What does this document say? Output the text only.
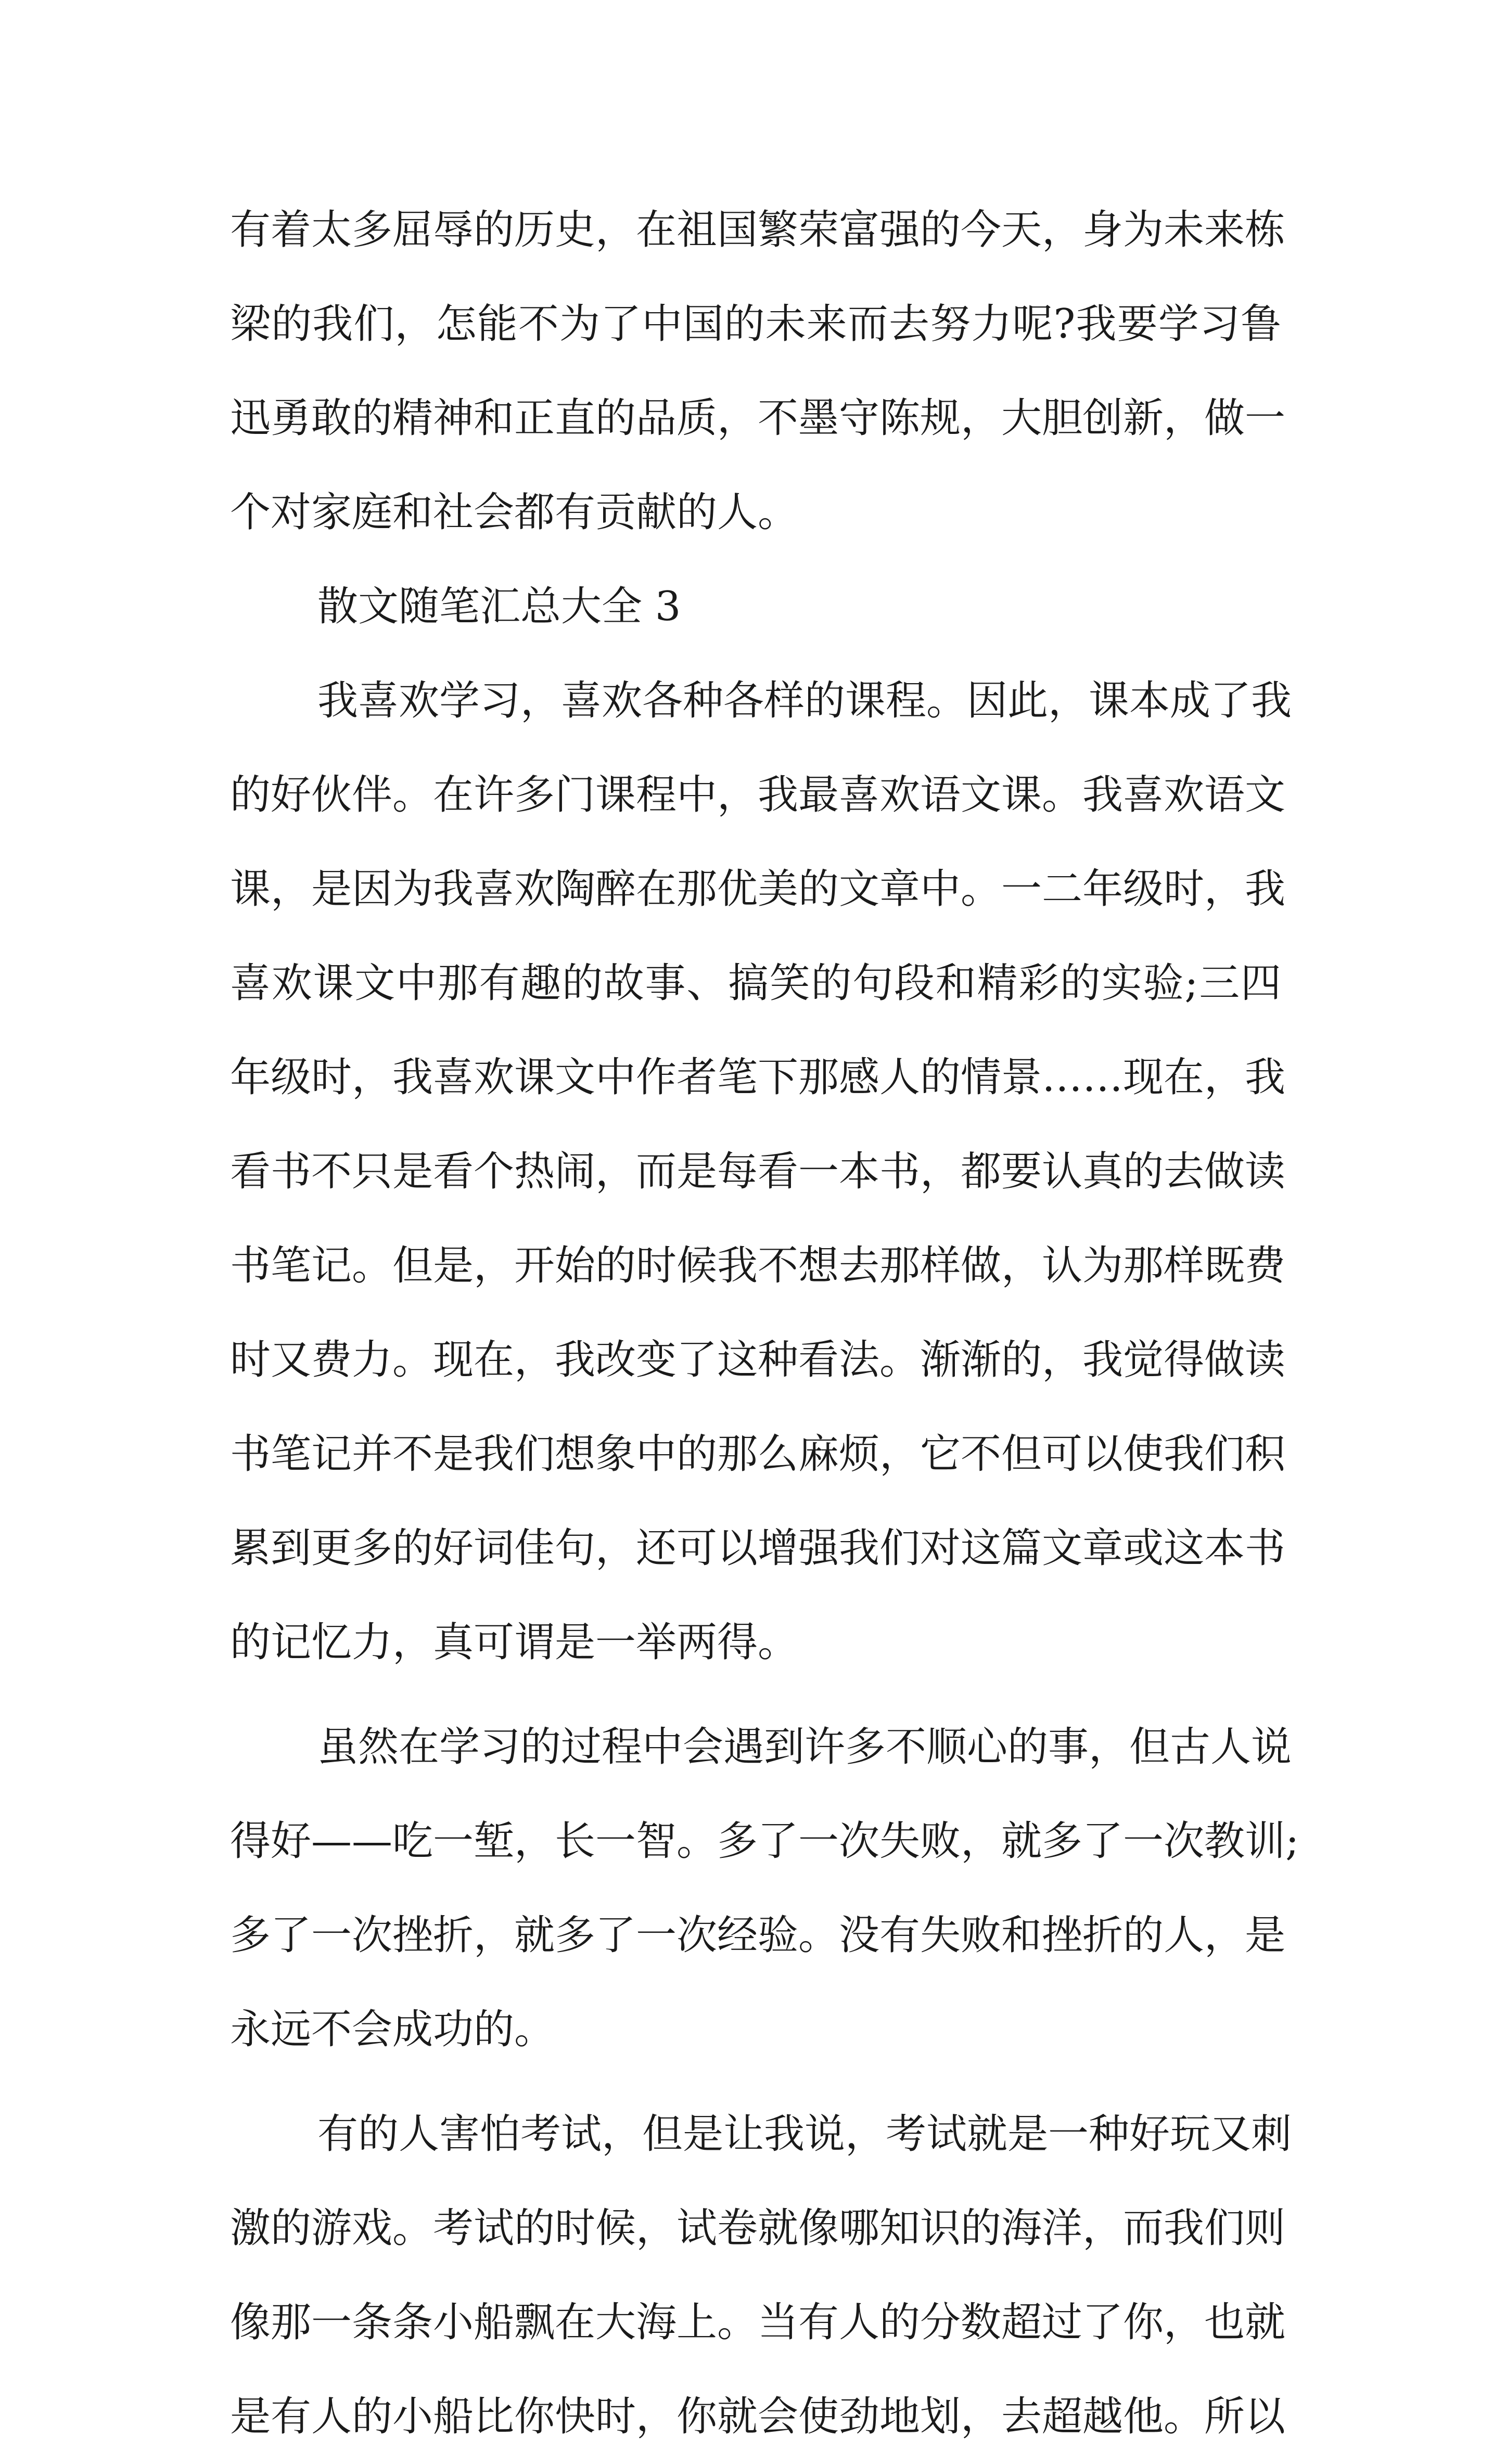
有着太多屈辱的历史，在祖国繁荣富强的今天，身为未来栋
梁的我们，怎能不为了中国的未来而去努力呢?我要学习鲁
迅勇敢的精神和正直的品质，不墨守陈规，大胆创新，做一
个对家庭和社会都有贡献的人。
散文随笔汇总大全 3
我喜欢学习，喜欢各种各样的课程。因此，课本成了我
的好伙伴。在许多门课程中，我最喜欢语文课。我喜欢语文
课，是因为我喜欢陶醉在那优美的文章中。一二年级时，我
喜欢课文中那有趣的故事、搞笑的句段和精彩的实验;三四
年级时，我喜欢课文中作者笔下那感人的情景……现在，我
看书不只是看个热闹，而是每看一本书，都要认真的去做读
书笔记。但是，开始的时候我不想去那样做，认为那样既费
时又费力。现在，我改变了这种看法。渐渐的，我觉得做读
书笔记并不是我们想象中的那么麻烦，它不但可以使我们积
累到更多的好词佳句，还可以增强我们对这篇文章或这本书
的记忆力，真可谓是一举两得。
虽然在学习的过程中会遇到许多不顺心的事，但古人说
得好——吃一堑，长一智。多了一次失败，就多了一次教训;
多了一次挫折，就多了一次经验。没有失败和挫折的人，是
永远不会成功的。
有的人害怕考试，但是让我说，考试就是一种好玩又刺
激的游戏。考试的时候，试卷就像哪知识的海洋，而我们则
像那一条条小船飘在大海上。当有人的分数超过了你，也就
是有人的小船比你快时，你就会使劲地划，去超越他。所以
